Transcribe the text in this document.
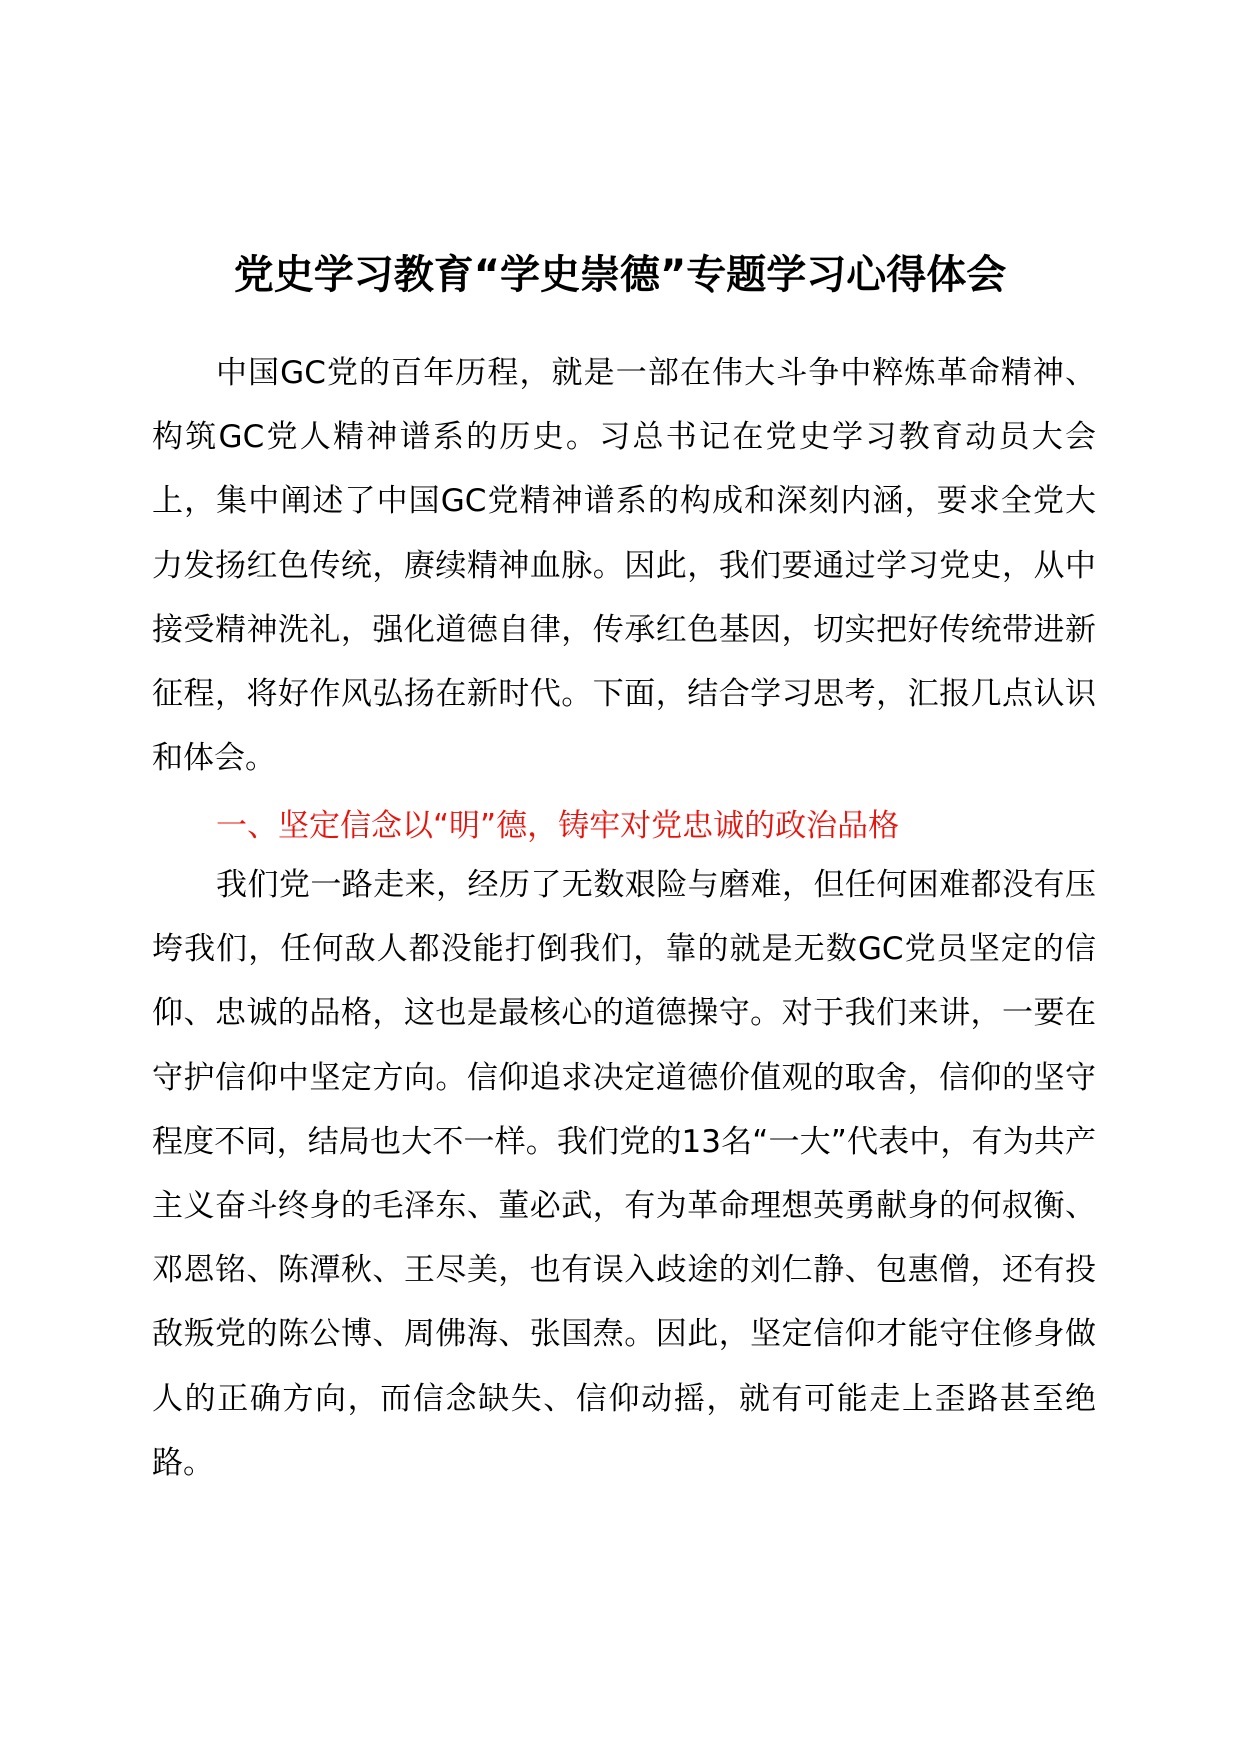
党史学习教育“学史崇德”专题学习心得体会

中国GC党的百年历程，就是一部在伟大斗争中粹炼革命精神、构筑GC党人精神谱系的历史。习总书记在党史学习教育动员大会上，集中阐述了中国GC党精神谱系的构成和深刻内涵，要求全党大力发扬红色传统，赓续精神血脉。因此，我们要通过学习党史，从中接受精神洗礼，强化道德自律，传承红色基因，切实把好传统带进新征程，将好作风弘扬在新时代。下面，结合学习思考，汇报几点认识和体会。

一、坚定信念以“明”德，铸牢对党忠诚的政治品格

我们党一路走来，经历了无数艰险与磨难，但任何困难都没有压垮我们，任何敌人都没能打倒我们，靠的就是无数GC党员坚定的信仰、忠诚的品格，这也是最核心的道德操守。对于我们来讲，一要在守护信仰中坚定方向。信仰追求决定道德价值观的取舍，信仰的坚守程度不同，结局也大不一样。我们党的13名“一大”代表中，有为共产主义奋斗终身的毛泽东、董必武，有为革命理想英勇献身的何叔衡、邓恩铭、陈潭秋、王尽美，也有误入歧途的刘仁静、包惠僧，还有投敌叛党的陈公博、周佛海、张国焘。因此，坚定信仰才能守住修身做人的正确方向，而信念缺失、信仰动摇，就有可能走上歪路甚至绝路。
